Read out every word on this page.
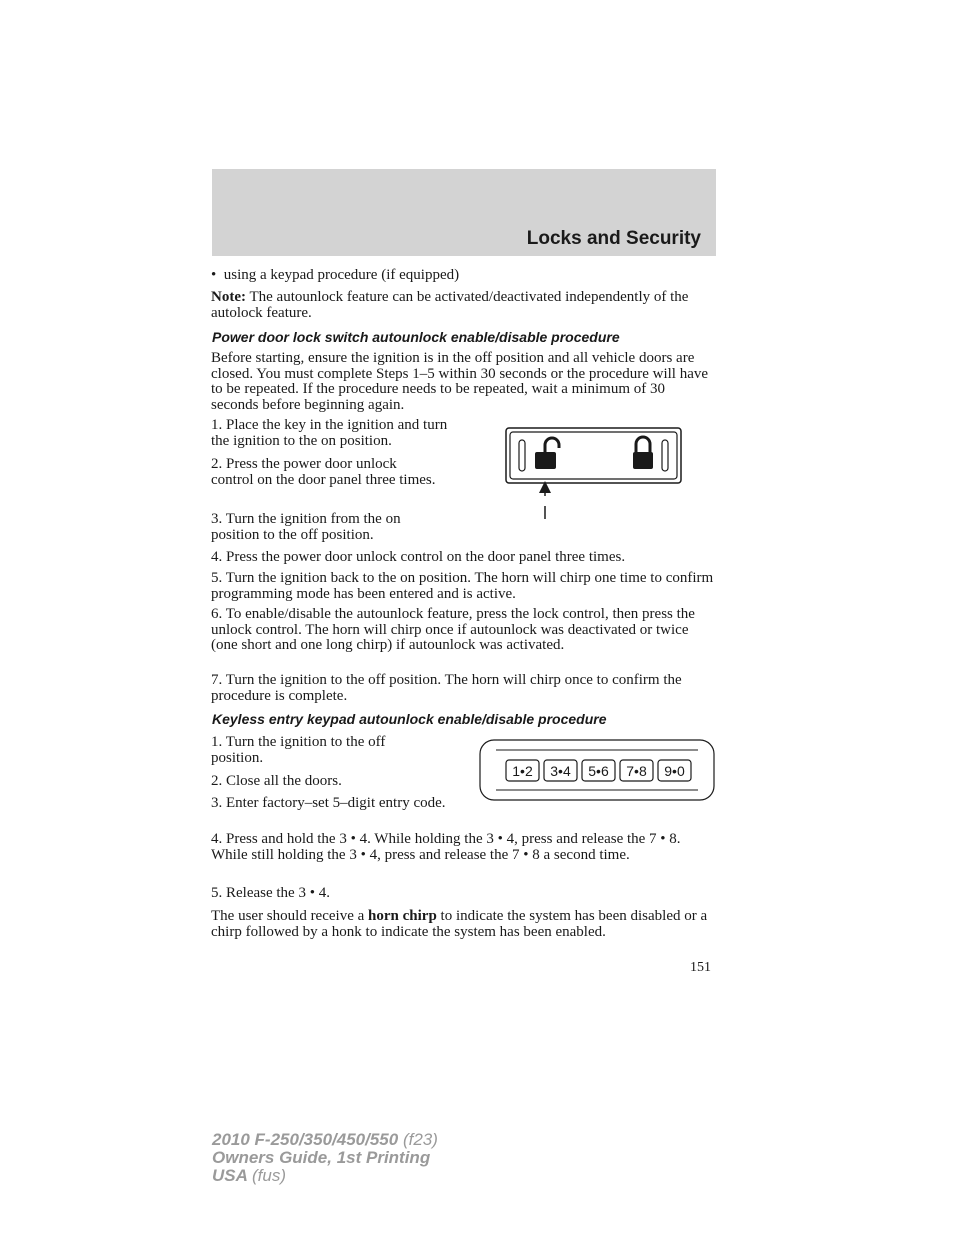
Locks and Security

•  using a keypad procedure (if equipped)

Note: The autounlock feature can be activated/deactivated independently of the autolock feature.

Power door lock switch autounlock enable/disable procedure

Before starting, ensure the ignition is in the off position and all vehicle doors are closed. You must complete Steps 1–5 within 30 seconds or the procedure will have to be repeated. If the procedure needs to be repeated, wait a minimum of 30 seconds before beginning again.

1. Place the key in the ignition and turn the ignition to the on position.

2. Press the power door unlock control on the door panel three times.

3. Turn the ignition from the on position to the off position.

4. Press the power door unlock control on the door panel three times.

5. Turn the ignition back to the on position. The horn will chirp one time to confirm programming mode has been entered and is active.

6. To enable/disable the autounlock feature, press the lock control, then press the unlock control. The horn will chirp once if autounlock was deactivated or twice (one short and one long chirp) if autounlock was activated.

7. Turn the ignition to the off position. The horn will chirp once to confirm the procedure is complete.

Keyless entry keypad autounlock enable/disable procedure

1. Turn the ignition to the off position.

2. Close all the doors.

3. Enter factory–set 5–digit entry code.

1•2 3•4 5•6 7•8 9•0

4. Press and hold the 3 • 4. While holding the 3 • 4, press and release the 7 • 8. While still holding the 3 • 4, press and release the 7 • 8 a second time.

5. Release the 3 • 4.

The user should receive a horn chirp to indicate the system has been disabled or a chirp followed by a honk to indicate the system has been enabled.

151
2010 F-250/350/450/550 (f23)
Owners Guide, 1st Printing
USA (fus)
